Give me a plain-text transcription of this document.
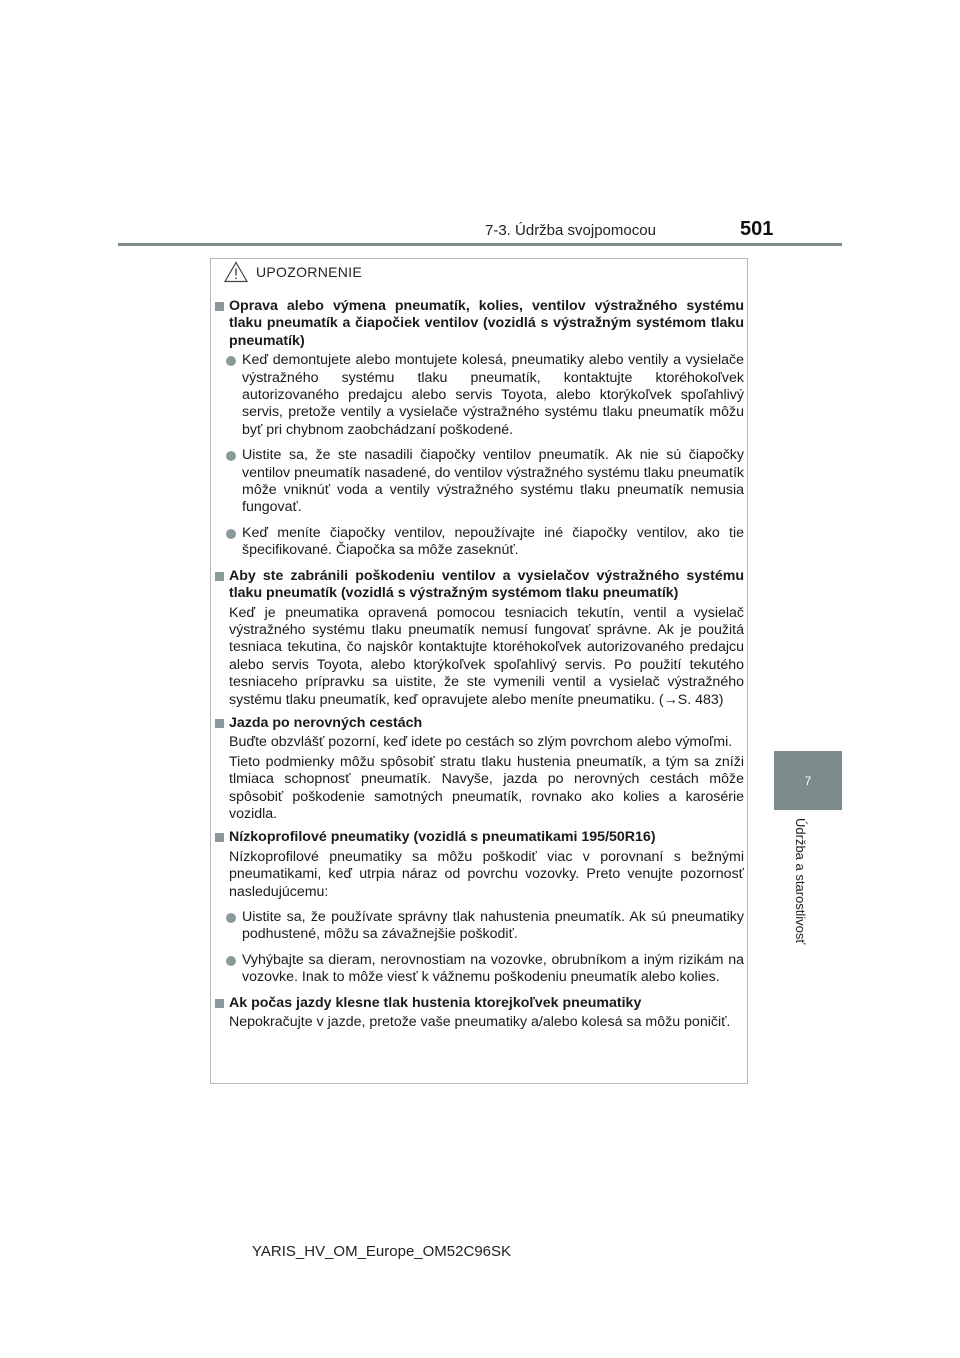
7-3. Údržba svojpomocou	501
7
Údržba a starostlivosť
UPOZORNENIE
Oprava alebo výmena pneumatík, kolies, ventilov výstražného systému tlaku pneumatík a čiapočiek ventilov (vozidlá s výstražným systémom tlaku pneumatík)
Keď demontujete alebo montujete kolesá, pneumatiky alebo ventily a vysielače výstražného systému tlaku pneumatík, kontaktujte ktoréhokoľvek autorizovaného predajcu alebo servis Toyota, alebo ktorýkoľvek spoľahlivý servis, pretože ventily a vysielače výstražného systému tlaku pneumatík môžu byť pri chybnom zaobchádzaní poškodené.
Uistite sa, že ste nasadili čiapočky ventilov pneumatík. Ak nie sú čiapočky ventilov pneumatík nasadené, do ventilov výstražného systému tlaku pneumatík môže vniknúť voda a ventily výstražného systému tlaku pneumatík nemusia fungovať.
Keď meníte čiapočky ventilov, nepoužívajte iné čiapočky ventilov, ako tie špecifikované. Čiapočka sa môže zaseknúť.
Aby ste zabránili poškodeniu ventilov a vysielačov výstražného systému tlaku pneumatík (vozidlá s výstražným systémom tlaku pneumatík)
Keď je pneumatika opravená pomocou tesniacich tekutín, ventil a vysielač výstražného systému tlaku pneumatík nemusí fungovať správne. Ak je použitá tesniaca tekutina, čo najskôr kontaktujte ktoréhokoľvek autorizovaného predajcu alebo servis Toyota, alebo ktorýkoľvek spoľahlivý servis. Po použití tekutého tesniaceho prípravku sa uistite, že ste vymenili ventil a vysielač výstražného systému tlaku pneumatík, keď opravujete alebo meníte pneumatiku. (→S. 483)
Jazda po nerovných cestách
Buďte obzvlášť pozorní, keď idete po cestách so zlým povrchom alebo výmoľmi.
Tieto podmienky môžu spôsobiť stratu tlaku hustenia pneumatík, a tým sa zníži tlmiaca schopnosť pneumatík. Navyše, jazda po nerovných cestách môže spôsobiť poškodenie samotných pneumatík, rovnako ako kolies a karosérie vozidla.
Nízkoprofilové pneumatiky (vozidlá s pneumatikami 195/50R16)
Nízkoprofilové pneumatiky sa môžu poškodiť viac v porovnaní s bežnými pneumatikami, keď utrpia náraz od povrchu vozovky. Preto venujte pozornosť nasledujúcemu:
Uistite sa, že používate správny tlak nahustenia pneumatík. Ak sú pneumatiky podhustené, môžu sa závažnejšie poškodiť.
Vyhýbajte sa dieram, nerovnostiam na vozovke, obrubníkom a iným rizikám na vozovke. Inak to môže viesť k vážnemu poškodeniu pneumatík alebo kolies.
Ak počas jazdy klesne tlak hustenia ktorejkoľvek pneumatiky
Nepokračujte v jazde, pretože vaše pneumatiky a/alebo kolesá sa môžu poničiť.
YARIS_HV_OM_Europe_OM52C96SK
